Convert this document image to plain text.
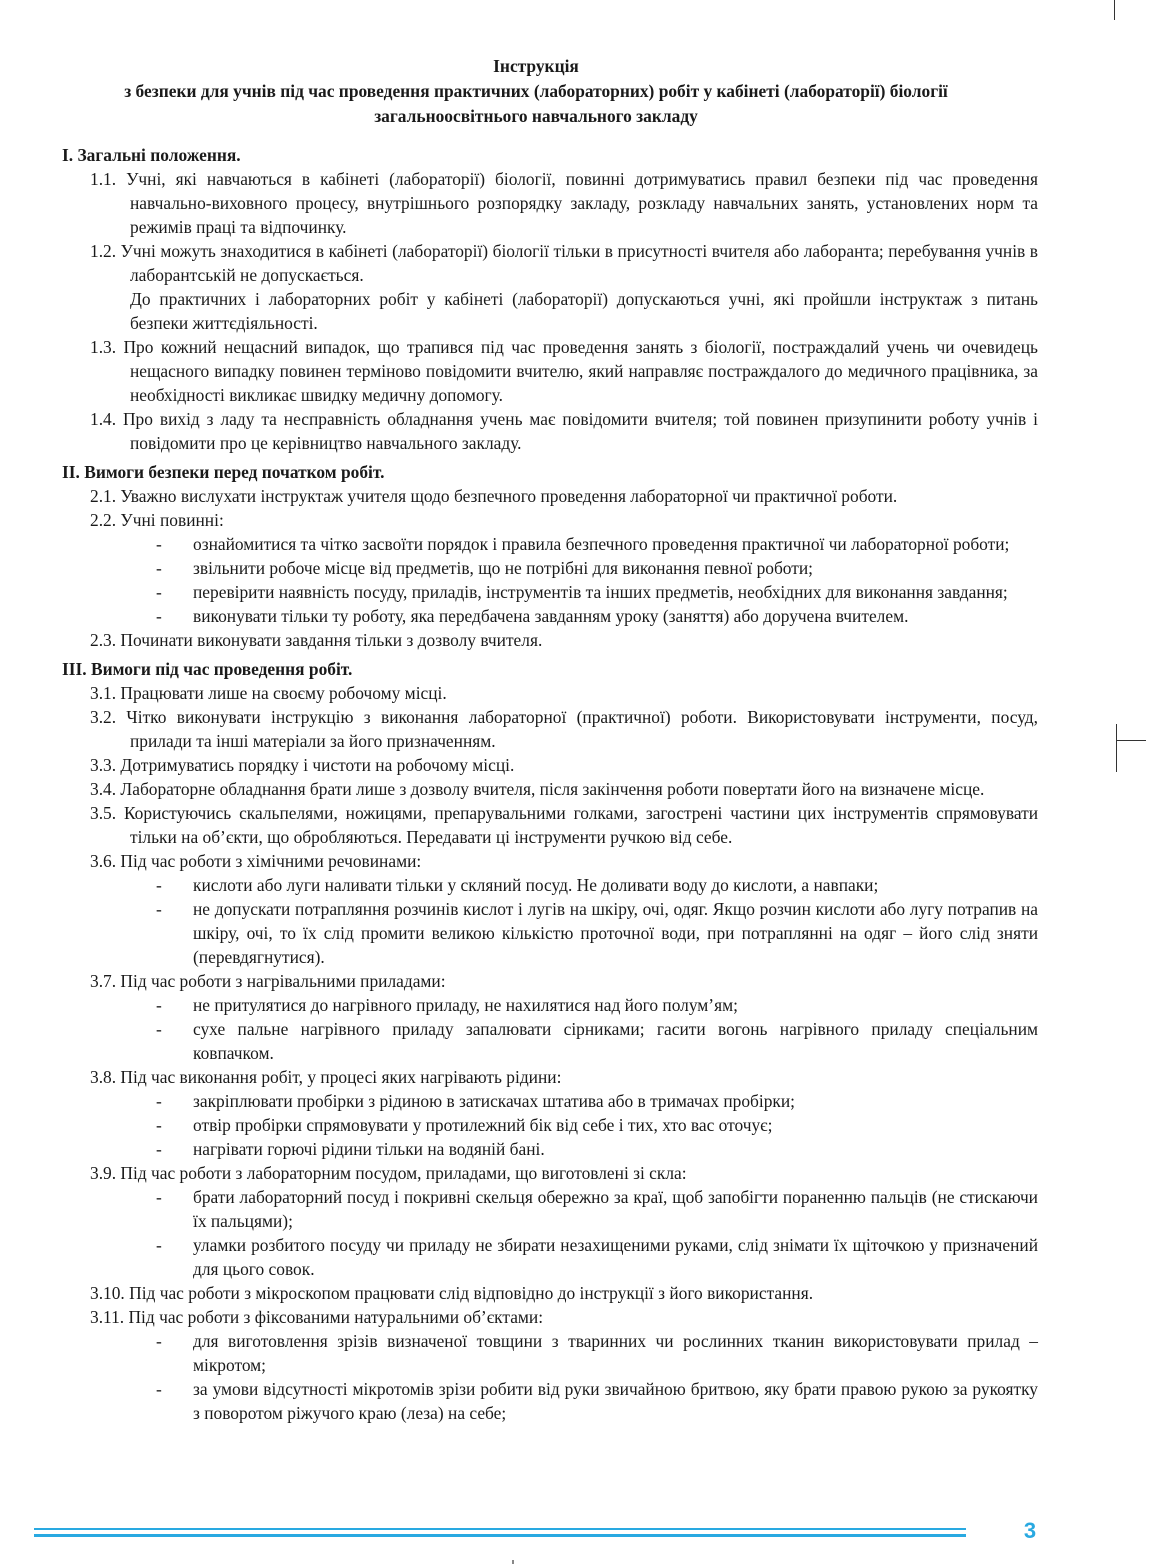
Інструкція
з безпеки для учнів під час проведення практичних (лабораторних) робіт у кабінеті (лабораторії) біології
загальноосвітнього навчального закладу
I. Загальні положення.
1.1. Учні, які навчаються в кабінеті (лабораторії) біології, повинні дотримуватись правил безпеки під час проведення навчально-виховного процесу, внутрішнього розпорядку закладу, розкладу навчальних занять, установлених норм та режимів праці та відпочинку.
1.2. Учні можуть знаходитися в кабінеті (лабораторії) біології тільки в присутності вчителя або лаборанта; перебування учнів в лаборантській не допускається.
До практичних і лабораторних робіт у кабінеті (лабораторії) допускаються учні, які пройшли інструктаж з питань безпеки життєдіяльності.
1.3. Про кожний нещасний випадок, що трапився під час проведення занять з біології, постраждалий учень чи очевидець нещасного випадку повинен терміново повідомити вчителю, який направляє постраждалого до медичного працівника, за необхідності викликає швидку медичну допомогу.
1.4. Про вихід з ладу та несправність обладнання учень має повідомити вчителя; той повинен призупинити роботу учнів і повідомити про це керівництво навчального закладу.
II. Вимоги безпеки перед початком робіт.
2.1. Уважно вислухати інструктаж учителя щодо безпечного проведення лабораторної чи практичної роботи.
2.2. Учні повинні:
- ознайомитися та чітко засвоїти порядок і правила безпечного проведення практичної чи лабораторної роботи;
- звільнити робоче місце від предметів, що не потрібні для виконання певної роботи;
- перевірити наявність посуду, приладів, інструментів та інших предметів, необхідних для виконання завдання;
- виконувати тільки ту роботу, яка передбачена завданням уроку (заняття) або доручена вчителем.
2.3. Починати виконувати завдання тільки з дозволу вчителя.
III. Вимоги під час проведення робіт.
3.1. Працювати лише на своєму робочому місці.
3.2. Чітко виконувати інструкцію з виконання лабораторної (практичної) роботи. Використовувати інструменти, посуд, прилади та інші матеріали за його призначенням.
3.3. Дотримуватись порядку і чистоти на робочому місці.
3.4. Лабораторне обладнання брати лише з дозволу вчителя, після закінчення роботи повертати його на визначене місце.
3.5. Користуючись скальпелями, ножицями, препарувальними голками, загострені частини цих інструментів спрямовувати тільки на об’єкти, що обробляються. Передавати ці інструменти ручкою від себе.
3.6. Під час роботи з хімічними речовинами:
- кислоти або луги наливати тільки у скляний посуд. Не доливати воду до кислоти, а навпаки;
- не допускати потрапляння розчинів кислот і лугів на шкіру, очі, одяг. Якщо розчин кислоти або лугу потрапив на шкіру, очі, то їх слід промити великою кількістю проточної води, при потраплянні на одяг – його слід зняти (перевдягнутися).
3.7. Під час роботи з нагрівальними приладами:
- не притулятися до нагрівного приладу, не нахилятися над його полум’ям;
- сухе пальне нагрівного приладу запалювати сірниками; гасити вогонь нагрівного приладу спеціальним ковпачком.
3.8. Під час виконання робіт, у процесі яких нагрівають рідини:
- закріплювати пробірки з рідиною в затискачах штатива або в тримачах пробірки;
- отвір пробірки спрямовувати у протилежний бік від себе і тих, хто вас оточує;
- нагрівати горючі рідини тільки на водяній бані.
3.9. Під час роботи з лабораторним посудом, приладами, що виготовлені зі скла:
- брати лабораторний посуд і покривні скельця обережно за краї, щоб запобігти пораненню пальців (не стискаючи їх пальцями);
- уламки розбитого посуду чи приладу не збирати незахищеними руками, слід знімати їх щіточкою у призначений для цього совок.
3.10. Під час роботи з мікроскопом працювати слід відповідно до інструкції з його використання.
3.11. Під час роботи з фіксованими натуральними об’єктами:
- для виготовлення зрізів визначеної товщини з тваринних чи рослинних тканин використовувати прилад – мікротом;
- за умови відсутності мікротомів зрізи робити від руки звичайною бритвою, яку брати правою рукою за рукоятку з поворотом ріжучого краю (леза) на себе;
3
